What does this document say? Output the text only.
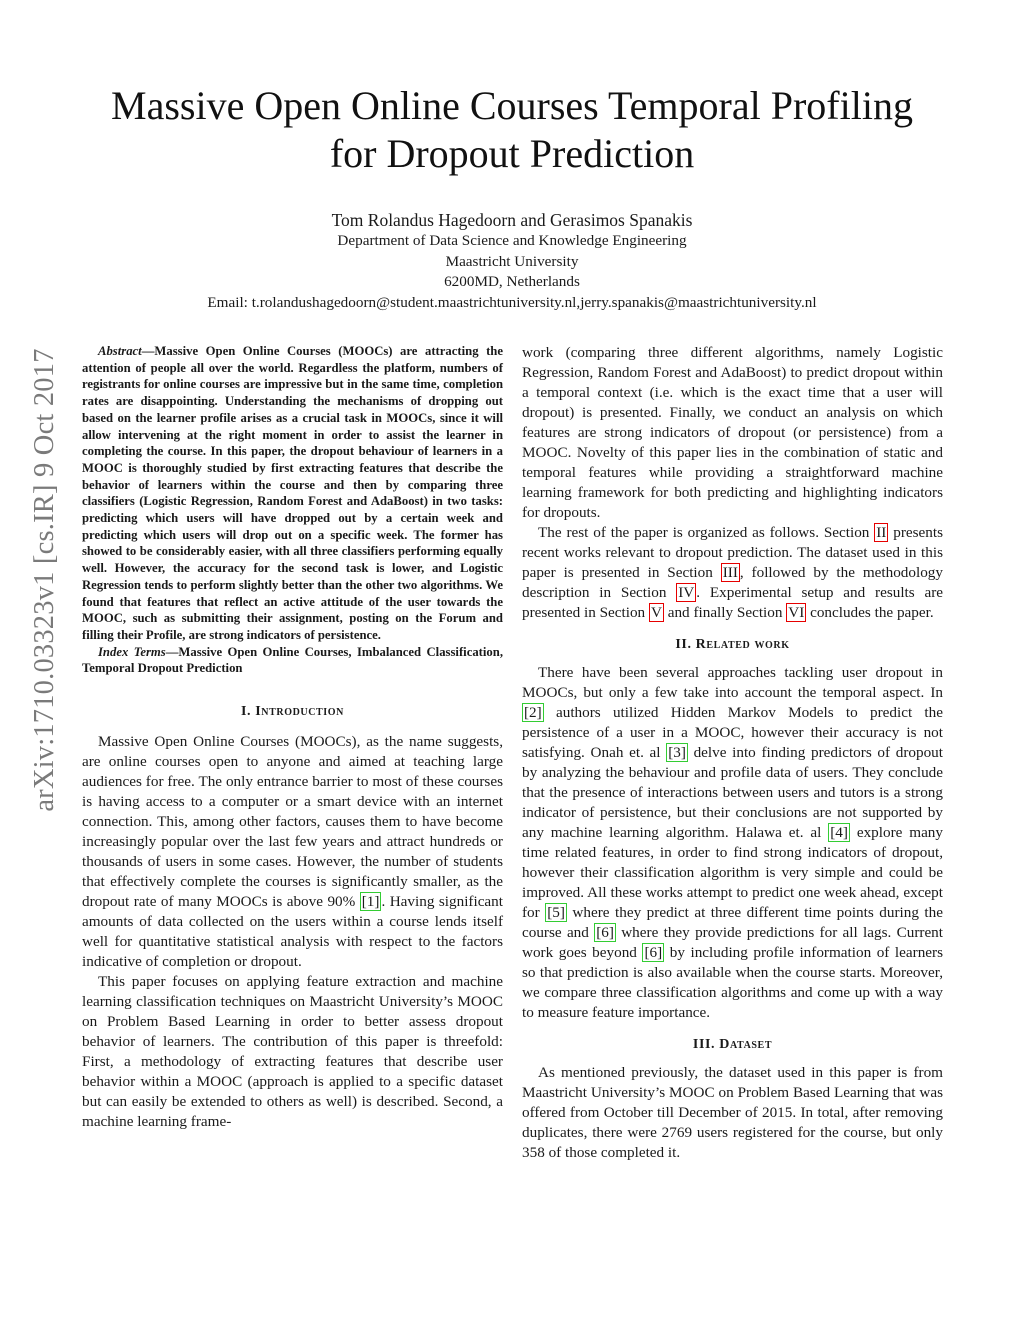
arXiv:1710.03323v1 [cs.IR] 9 Oct 2017
Massive Open Online Courses Temporal Profiling
for Dropout Prediction
Tom Rolandus Hagedoorn and Gerasimos Spanakis
Department of Data Science and Knowledge Engineering
Maastricht University
6200MD, Netherlands
Email: t.rolandushagedoorn@student.maastrichtuniversity.nl,jerry.spanakis@maastrichtuniversity.nl

Abstract—Massive Open Online Courses (MOOCs) are attracting the attention of people all over the world. Regardless the platform, numbers of registrants for online courses are impressive but in the same time, completion rates are disappointing. Understanding the mechanisms of dropping out based on the learner profile arises as a crucial task in MOOCs, since it will allow intervening at the right moment in order to assist the learner in completing the course. In this paper, the dropout behaviour of learners in a MOOC is thoroughly studied by first extracting features that describe the behavior of learners within the course and then by comparing three classifiers (Logistic Regression, Random Forest and AdaBoost) in two tasks: predicting which users will have dropped out by a certain week and predicting which users will drop out on a specific week. The former has showed to be considerably easier, with all three classifiers performing equally well. However, the accuracy for the second task is lower, and Logistic Regression tends to perform slightly better than the other two algorithms. We found that features that reflect an active attitude of the user towards the MOOC, such as submitting their assignment, posting on the Forum and filling their Profile, are strong indicators of persistence.

Index Terms—Massive Open Online Courses, Imbalanced Classification, Temporal Dropout Prediction

I. Introduction

Massive Open Online Courses (MOOCs), as the name suggests, are online courses open to anyone and aimed at teaching large audiences for free. The only entrance barrier to most of these courses is having access to a computer or a smart device with an internet connection. This, among other factors, causes them to have become increasingly popular over the last few years and attract hundreds or thousands of users in some cases. However, the number of students that effectively complete the courses is significantly smaller, as the dropout rate of many MOOCs is above 90% [1] . Having significant amounts of data collected on the users within a course lends itself well for quantitative statistical analysis with respect to the factors indicative of completion or dropout.

This paper focuses on applying feature extraction and machine learning classification techniques on Maastricht University’s MOOC on Problem Based Learning in order to better assess dropout behavior of learners. The contribution of this paper is threefold: First, a methodology of extracting features that describe user behavior within a MOOC (approach is applied to a specific dataset but can easily be extended to others as well) is described. Second, a machine learning frame-

work (comparing three different algorithms, namely Logistic Regression, Random Forest and AdaBoost) to predict dropout within a temporal context (i.e. which is the exact time that a user will dropout) is presented. Finally, we conduct an analysis on which features are strong indicators of dropout (or persistence) from a MOOC. Novelty of this paper lies in the combination of static and temporal features while providing a straightforward machine learning framework for both predicting and highlighting indicators for dropouts.

The rest of the paper is organized as follows. Section II presents recent works relevant to dropout prediction. The dataset used in this paper is presented in Section III , followed by the methodology description in Section IV . Experimental setup and results are presented in Section V and finally Section VI concludes the paper.

II. Related work

There have been several approaches tackling user dropout in MOOCs, but only a few take into account the temporal aspect. In [2] authors utilized Hidden Markov Models to predict the persistence of a user in a MOOC, however their accuracy is not satisfying. Onah et. al [3] delve into finding predictors of dropout by analyzing the behaviour and profile data of users. They conclude that the presence of interactions between users and tutors is a strong indicator of persistence, but their conclusions are not supported by any machine learning algorithm. Halawa et. al [4] explore many time related features, in order to find strong indicators of dropout, however their classification algorithm is very simple and could be improved. All these works attempt to predict one week ahead, except for [5] where they predict at three different time points during the course and [6] where they provide predictions for all lags. Current work goes beyond [6] by including profile information of learners so that prediction is also available when the course starts. Moreover, we compare three classification algorithms and come up with a way to measure feature importance.

III. Dataset

As mentioned previously, the dataset used in this paper is from Maastricht University’s MOOC on Problem Based Learning that was offered from October till December of 2015. In total, after removing duplicates, there were 2769 users registered for the course, but only 358 of those completed it.
